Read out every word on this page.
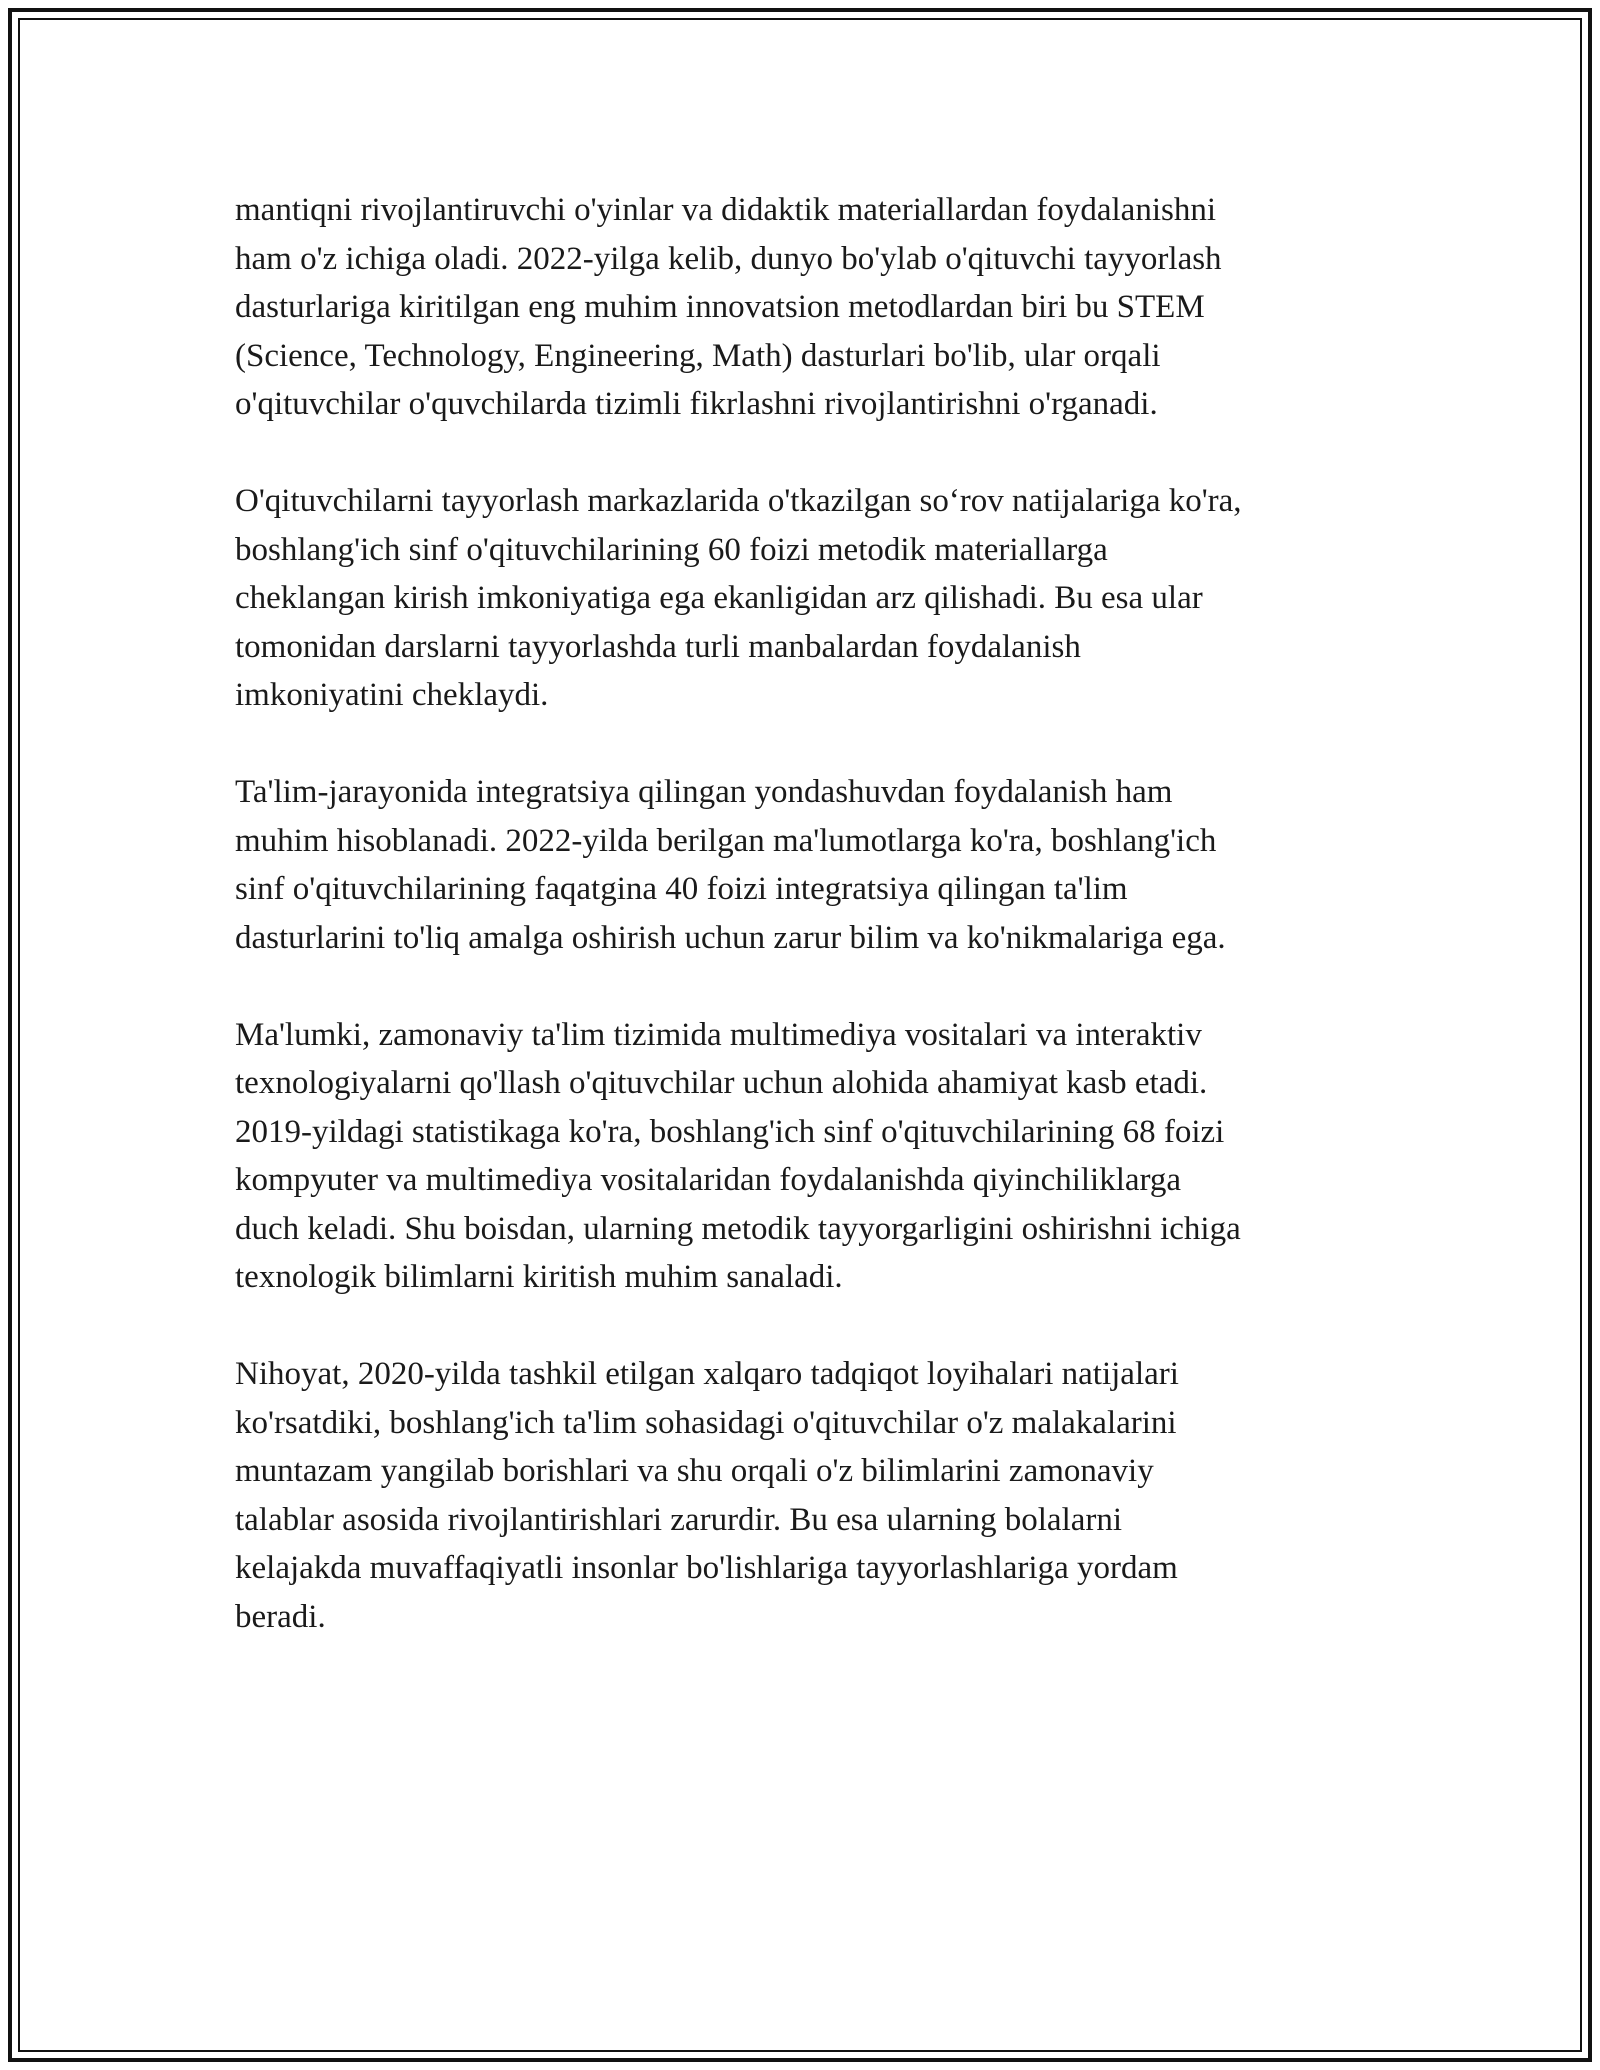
mantiqni rivojlantiruvchi o'yinlar va didaktik materiallardan foydalanishni
ham o'z ichiga oladi. 2022-yilga kelib, dunyo bo'ylab o'qituvchi tayyorlash
dasturlariga kiritilgan eng muhim innovatsion metodlardan biri bu STEM
(Science, Technology, Engineering, Math) dasturlari bo'lib, ular orqali
o'qituvchilar o'quvchilarda tizimli fikrlashni rivojlantirishni o'rganadi.

O'qituvchilarni tayyorlash markazlarida o'tkazilgan so‘rov natijalariga ko'ra,
boshlang'ich sinf o'qituvchilarining 60 foizi metodik materiallarga
cheklangan kirish imkoniyatiga ega ekanligidan arz qilishadi. Bu esa ular
tomonidan darslarni tayyorlashda turli manbalardan foydalanish
imkoniyatini cheklaydi.

Ta'lim-jarayonida integratsiya qilingan yondashuvdan foydalanish ham
muhim hisoblanadi. 2022-yilda berilgan ma'lumotlarga ko'ra, boshlang'ich
sinf o'qituvchilarining faqatgina 40 foizi integratsiya qilingan ta'lim
dasturlarini to'liq amalga oshirish uchun zarur bilim va ko'nikmalariga ega.

Ma'lumki, zamonaviy ta'lim tizimida multimediya vositalari va interaktiv
texnologiyalarni qo'llash o'qituvchilar uchun alohida ahamiyat kasb etadi.
2019-yildagi statistikaga ko'ra, boshlang'ich sinf o'qituvchilarining 68 foizi
kompyuter va multimediya vositalaridan foydalanishda qiyinchiliklarga
duch keladi. Shu boisdan, ularning metodik tayyorgarligini oshirishni ichiga
texnologik bilimlarni kiritish muhim sanaladi.

Nihoyat, 2020-yilda tashkil etilgan xalqaro tadqiqot loyihalari natijalari
ko'rsatdiki, boshlang'ich ta'lim sohasidagi o'qituvchilar o'z malakalarini
muntazam yangilab borishlari va shu orqali o'z bilimlarini zamonaviy
talablar asosida rivojlantirishlari zarurdir. Bu esa ularning bolalarni
kelajakda muvaffaqiyatli insonlar bo'lishlariga tayyorlashlariga yordam
beradi.
